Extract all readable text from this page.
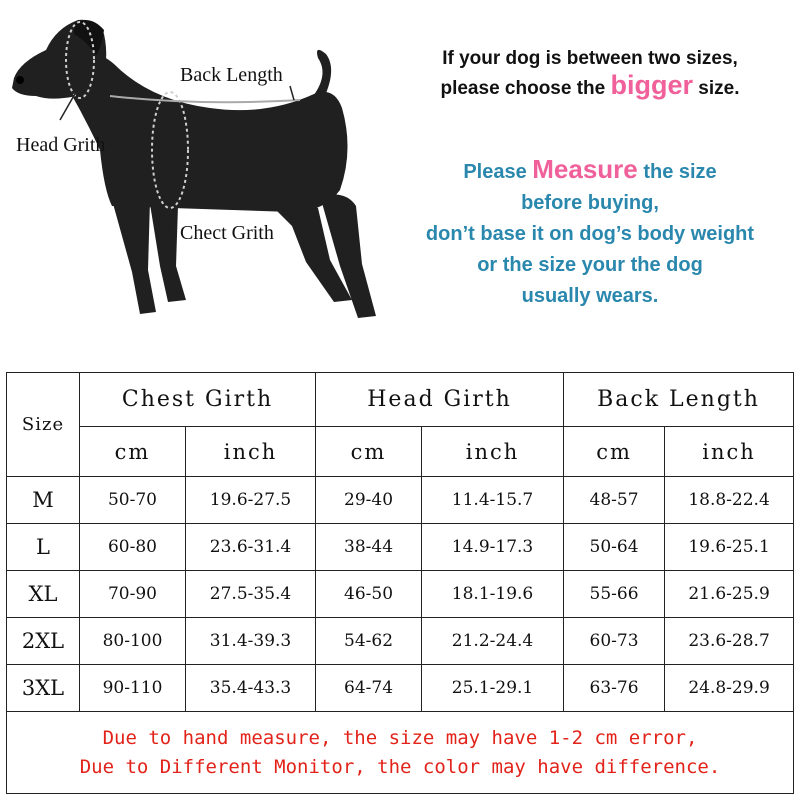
Back Length
Head Grith
Chect Grith
If your dog is between two sizes,
please choose the bigger size.
Please Measure the size
before buying,
don’t base it on dog’s body weight
or the size your the dog
usually wears.
Size	Chest Girth		Head Girth		Back Length	
	cm	inch	cm	inch	cm	inch
M	50-70	19.6-27.5	29-40	11.4-15.7	48-57	18.8-22.4
L	60-80	23.6-31.4	38-44	14.9-17.3	50-64	19.6-25.1
XL	70-90	27.5-35.4	46-50	18.1-19.6	55-66	21.6-25.9
2XL	80-100	31.4-39.3	54-62	21.2-24.4	60-73	23.6-28.7
3XL	90-110	35.4-43.3	64-74	25.1-29.1	63-76	24.8-29.9

Due to hand measure, the size may have 1-2 cm error,
Due to Different Monitor, the color may have difference.						
